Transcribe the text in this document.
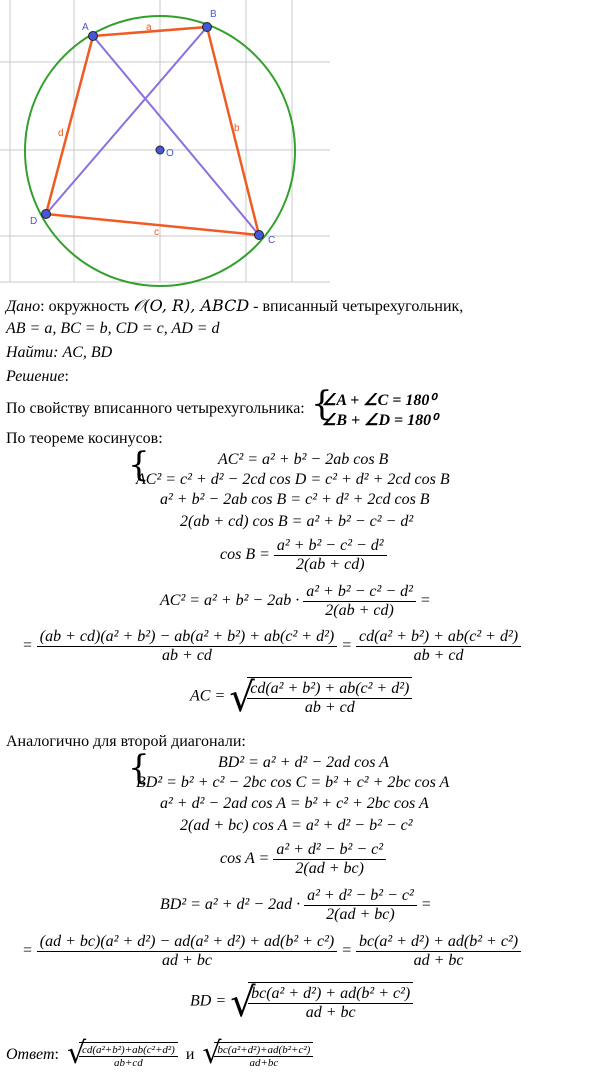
A
B
C
D
O
a
b
c
d
Дано: окружность 𝒪(O, R), ABCD - вписанный четырехугольник,
AB = a, BC = b, CD = c, AD = d
Найти: AC, BD
Решение:
По свойству вписанного четырехугольника: {
∠A + ∠C = 180⁰
∠B + ∠D = 180⁰
По теореме косинусов:
{	AC² = a² + b² − 2ab cos B
AC² = c² + d² − 2cd cos D = c² + d² + 2cd cos B
a² + b² − 2ab cos B = c² + d² + 2cd cos B
2(ab + cd) cos B = a² + b² − c² − d²
$\cos B = \frac{\text{a² + b² − c² − d²}}{2(ab + cd)}$
$AC^2 = a^2 + b^2 - 2ab \cdot \frac{\text{a² + b² − c² − d²}}{2(ab + cd)}$ =
= $\frac{\text{(ab + cd)(a² + b²) − ab(a² + b²) + ab(c² + d²)}}{ab + cd} = \frac{\text{cd(a² + b²) + ab(c² + d²)}}{ab + cd}$
AC = √
$\frac{\text{cd(a² + b²) + ab(c² + d²)}}{ab + cd}$
Аналогично для второй диагонали:
{	BD² = a² + d² − 2ad cos A
BD² = b² + c² − 2bc cos C = b² + c² + 2bc cos A
a² + d² − 2ad cos A = b² + c² + 2bc cos A
2(ad + bc) cos A = a² + d² − b² − c²
$\cos A = \frac{\text{a² + d² − b² − c²}}{2(ad + bc)}$
$BD^2 = a^2 + d^2 - 2ad \cdot \frac{\text{a² + d² − b² − c²}}{2(ad + bc)}$ =
= $\frac{\text{(ad + bc)(a² + d²) − ad(a² + d²) + ad(b² + c²)}}{ad + bc} = \frac{\text{bc(a² + d²) + ad(b² + c²)}}{ad + bc}$
BD = √
$\frac{\text{bc(a² + d²) + ad(b² + c²)}}{ad + bc}$
Ответ: √
$\frac{\text{cd(a²+b²)+ab(c²+d²)}}{ab+cd}$ и √
$\frac{\text{bc(a²+d²)+ad(b²+c²)}}{ad+bc}$
